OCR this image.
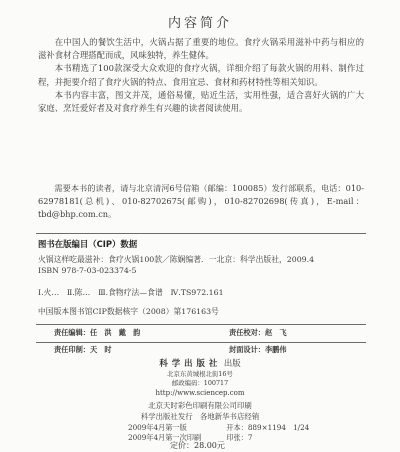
内容简介

在中国人的餐饮生活中，火锅占据了重要的地位。食疗火锅采用滋补中药与相应的滋补食材合理搭配而成，风味独特，养生健体。

本书精选了100款深受大众欢迎的食疗火锅，详细介绍了每款火锅的用料、制作过程，并扼要介绍了食疗火锅的特点、食用宜忌、食材和药材特性等相关知识。

本书内容丰富，图文并茂，通俗易懂，贴近生活，实用性强，适合喜好火锅的广大家庭、烹饪爱好者及对食疗养生有兴趣的读者阅读使用。

需要本书的读者，请与北京清河6号信箱（邮编：100085）发行部联系，电话：010-62978181(总机)、010-82702675(邮购)，010-82702698(传真)，E-mail：tbd@bhp.com.cn。
图书在版编目（CIP）数据
火锅这样吃最滋补：食疗火锅100款／陈娴编著．一北京：科学出版社，2009.4
ISBN 978-7-03-023374-5
Ⅰ.火…　Ⅱ.陈…　Ⅲ.食物疗法—食谱　Ⅳ.TS972.161
中国版本图书馆CIP数据核字（2008）第176163号
责任编辑：任　洪　戴　韵	责任校对：赵　飞
责任印制：天　时	封面设计：李鹏伟
科学出版社 出版
北京东黄城根北街16号
邮政编码：100717
http://www.sciencep.com
北京天时彩色印刷有限公司印刷
科学出版社发行　各地新华书店经销
2009年4月第一版	开本：889×1194　1/24
2009年4月第一次印刷	印张：7
定价：28.00元
